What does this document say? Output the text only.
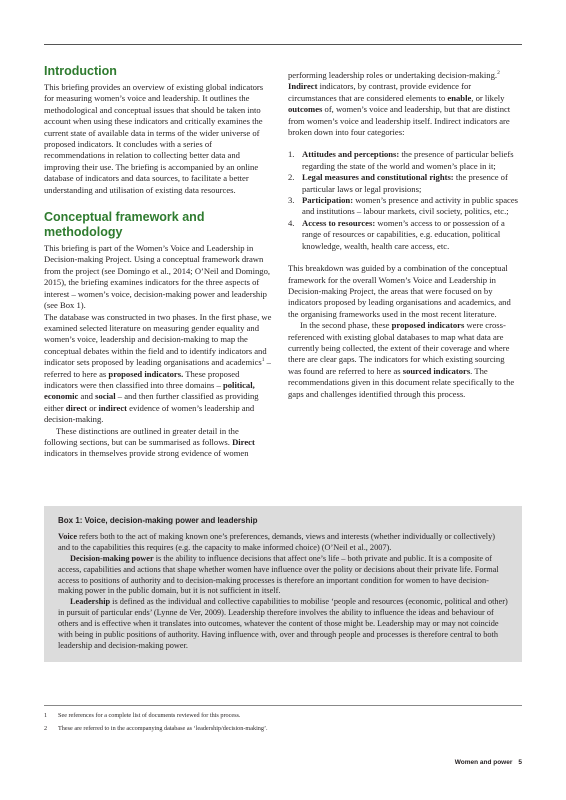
Introduction

This briefing provides an overview of existing global indicators for measuring women’s voice and leadership. It outlines the methodological and conceptual issues that should be taken into account when using these indicators and critically examines the current state of available data in terms of the wider universe of proposed indicators. It concludes with a series of recommendations in relation to collecting better data and improving their use. The briefing is accompanied by an online database of indicators and data sources, to facilitate a better understanding and utilisation of existing data resources.

Conceptual framework and methodology

This briefing is part of the Women’s Voice and Leadership in Decision-making Project. Using a conceptual framework drawn from the project (see Domingo et al., 2014; O’Neil and Domingo, 2015), the briefing examines indicators for the three aspects of interest – women’s voice, decision-making power and leadership (see Box 1).

The database was constructed in two phases. In the first phase, we examined selected literature on measuring gender equality and women’s voice, leadership and decision-making to map the conceptual debates within the field and to identify indicators and indicator sets proposed by leading organisations and academics$^1$ – referred to here as proposed indicators. These proposed indicators were then classified into three domains – political, economic and social – and then further classified as providing either direct or indirect evidence of women’s leadership and decision-making.

These distinctions are outlined in greater detail in the following sections, but can be summarised as follows. Direct indicators in themselves provide strong evidence of women

performing leadership roles or undertaking decision-making.$^2$ Indirect indicators, by contrast, provide evidence for circumstances that are considered elements to enable, or likely outcomes of, women’s voice and leadership, but that are distinct from women’s voice and leadership itself. Indirect indicators are broken down into four categories:

1. Attitudes and perceptions: the presence of particular beliefs regarding the state of the world and women’s place in it;
2. Legal measures and constitutional rights: the presence of particular laws or legal provisions;
3. Participation: women’s presence and activity in public spaces and institutions – labour markets, civil society, politics, etc.;
4. Access to resources: women’s access to or possession of a range of resources or capabilities, e.g. education, political knowledge, wealth, health care access, etc.

This breakdown was guided by a combination of the conceptual framework for the overall Women’s Voice and Leadership in Decision-making Project, the areas that were focused on by indicators proposed by leading organisations and academics, and the organising frameworks used in the most recent literature.

In the second phase, these proposed indicators were cross-referenced with existing global databases to map what data are currently being collected, the extent of their coverage and where there are clear gaps. The indicators for which existing sourcing was found are referred to here as sourced indicators. The recommendations given in this document relate specifically to the gaps and challenges identified through this process.

Box 1: Voice, decision-making power and leadership

Voice refers both to the act of making known one’s preferences, demands, views and interests (whether individually or collectively) and to the capabilities this requires (e.g. the capacity to make informed choice) (O’Neil et al., 2007).

Decision-making power is the ability to influence decisions that affect one’s life – both private and public. It is a composite of access, capabilities and actions that shape whether women have influence over the polity or decisions about their private life. Formal access to positions of authority and to decision-making processes is therefore an important condition for women to have decision-making power in the public domain, but it is not sufficient in itself.

Leadership is defined as the individual and collective capabilities to mobilise ‘people and resources (economic, political and other) in pursuit of particular ends’ (Lynne de Ver, 2009). Leadership therefore involves the ability to influence the ideas and behaviour of others and is effective when it translates into outcomes, whatever the content of those might be. Leadership may or may not coincide with being in public positions of authority. Having influence with, over and through people and processes is therefore central to both leadership and decision-making power.

1 See references for a complete list of documents reviewed for this process.
2 These are referred to in the accompanying database as ‘leadership/decision-making’.
Women and power 5
